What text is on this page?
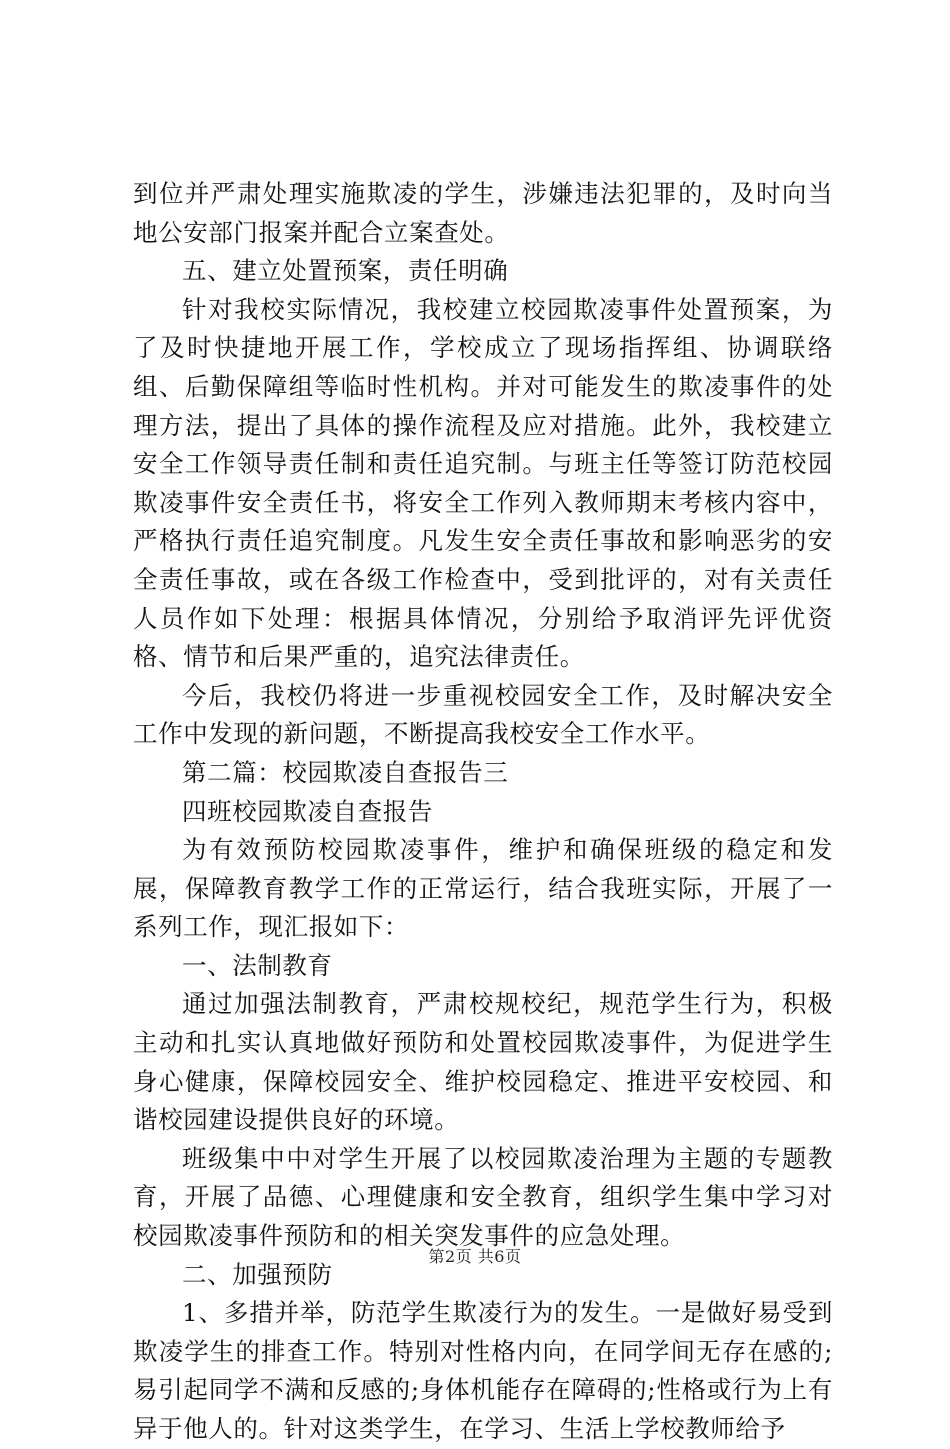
到位并严肃处理实施欺凌的学生，涉嫌违法犯罪的，及时向当地公安部门报案并配合立案查处。

五、建立处置预案，责任明确

针对我校实际情况，我校建立校园欺凌事件处置预案，为了及时快捷地开展工作，学校成立了现场指挥组、协调联络组、后勤保障组等临时性机构。并对可能发生的欺凌事件的处理方法，提出了具体的操作流程及应对措施。此外，我校建立安全工作领导责任制和责任追究制。与班主任等签订防范校园欺凌事件安全责任书，将安全工作列入教师期末考核内容中，严格执行责任追究制度。凡发生安全责任事故和影响恶劣的安全责任事故，或在各级工作检查中，受到批评的，对有关责任人员作如下处理：根据具体情况，分别给予取消评先评优资格、情节和后果严重的，追究法律责任。

今后，我校仍将进一步重视校园安全工作，及时解决安全工作中发现的新问题，不断提高我校安全工作水平。

第二篇：校园欺凌自查报告三

四班校园欺凌自查报告

为有效预防校园欺凌事件，维护和确保班级的稳定和发展，保障教育教学工作的正常运行，结合我班实际，开展了一系列工作，现汇报如下：

一、法制教育

通过加强法制教育，严肃校规校纪，规范学生行为，积极主动和扎实认真地做好预防和处置校园欺凌事件，为促进学生身心健康，保障校园安全、维护校园稳定、推进平安校园、和谐校园建设提供良好的环境。

班级集中中对学生开展了以校园欺凌治理为主题的专题教育，开展了品德、心理健康和安全教育，组织学生集中学习对校园欺凌事件预防和的相关突发事件的应急处理。

二、加强预防

1、多措并举，防范学生欺凌行为的发生。一是做好易受到欺凌学生的排查工作。特别对性格内向，在同学间无存在感的;易引起同学不满和反感的;身体机能存在障碍的;性格或行为上有异于他人的。针对这类学生，在学习、生活上学校教师给予

第2页 共6页
